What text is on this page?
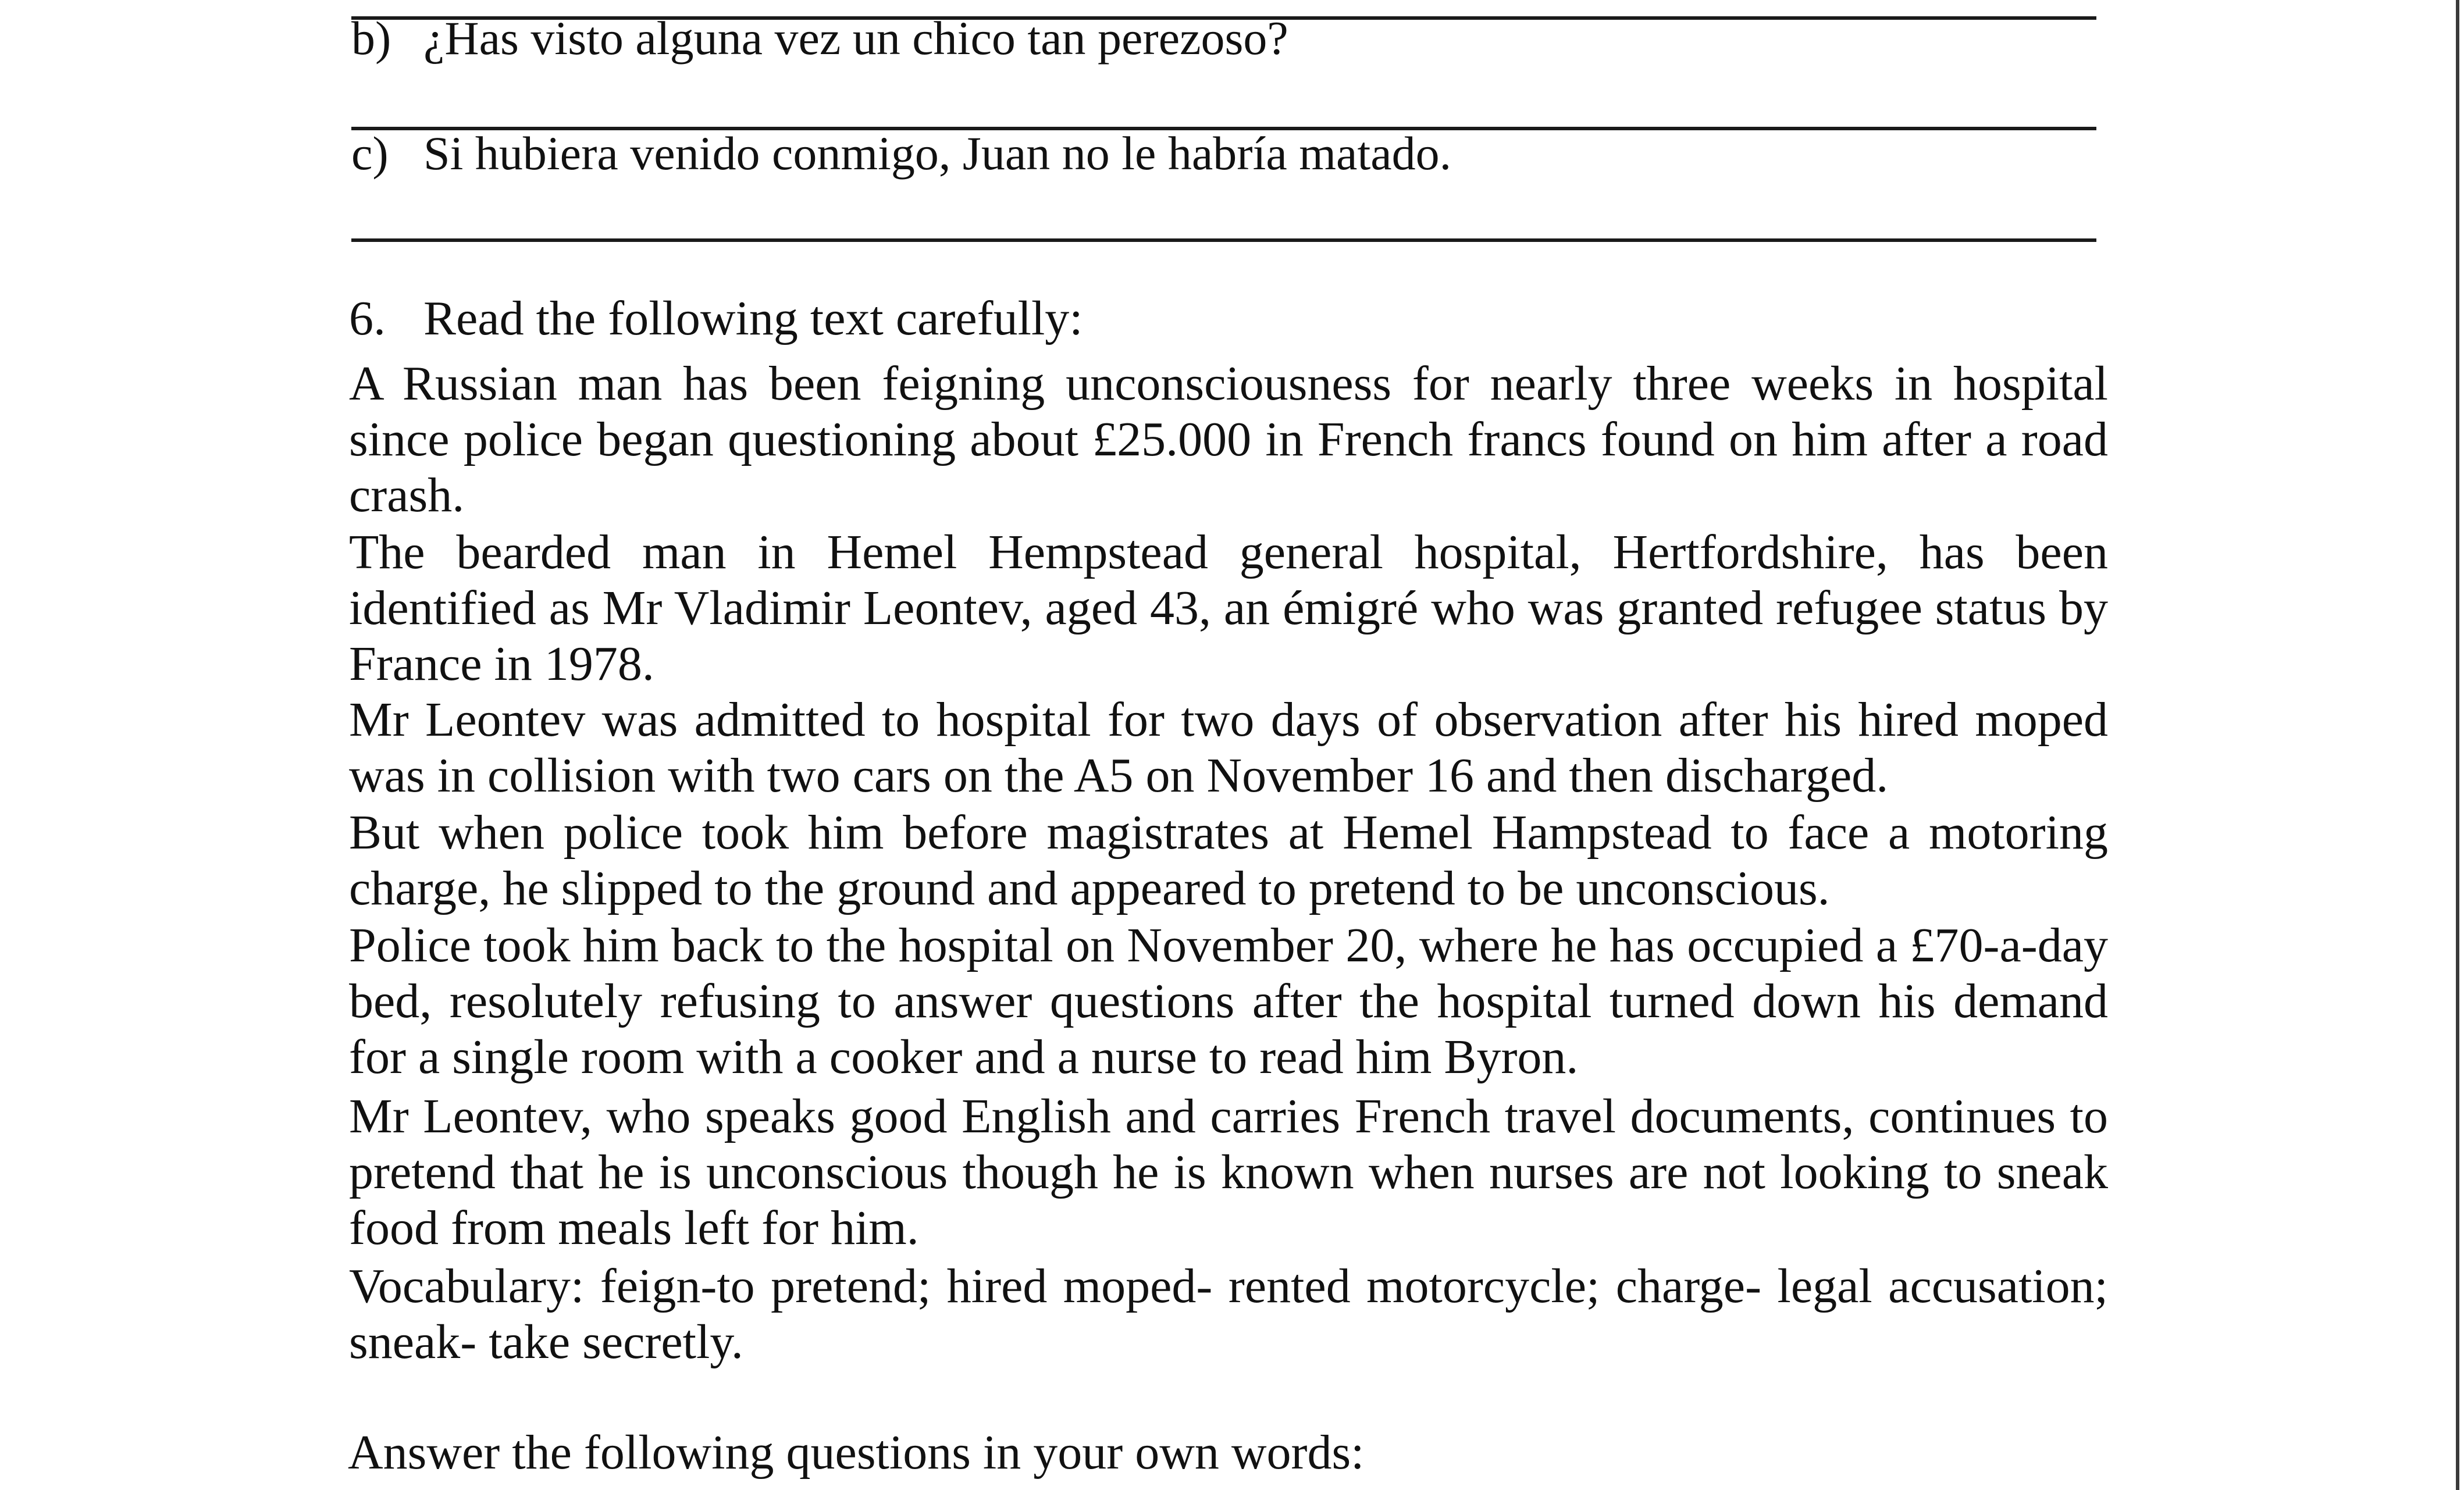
b) ¿Has visto alguna vez un chico tan perezoso?
c) Si hubiera venido conmigo, Juan no le habría matado.
6. Read the following text carefully:
A Russian man has been feigning unconsciousness for nearly three weeks in hospital since police began questioning about £25.000 in French francs found on him after a road crash.
The bearded man in Hemel Hempstead general hospital, Hertfordshire, has been identified as Mr Vladimir Leontev, aged 43, an émigré who was granted refugee status by France in 1978.
Mr Leontev was admitted to hospital for two days of observation after his hired moped was in collision with two cars on the A5 on November 16 and then discharged.
But when police took him before magistrates at Hemel Hampstead to face a motoring charge, he slipped to the ground and appeared to pretend to be unconscious.
Police took him back to the hospital on November 20, where he has occupied a £70-a-day bed, resolutely refusing to answer questions after the hospital turned down his demand for a single room with a cooker and a nurse to read him Byron.
Mr Leontev, who speaks good English and carries French travel documents, continues to pretend that he is unconscious though he is known when nurses are not looking to sneak food from meals left for him.
Vocabulary: feign-to pretend; hired moped- rented motorcycle; charge- legal accusation; sneak- take secretly.
Answer the following questions in your own words:
